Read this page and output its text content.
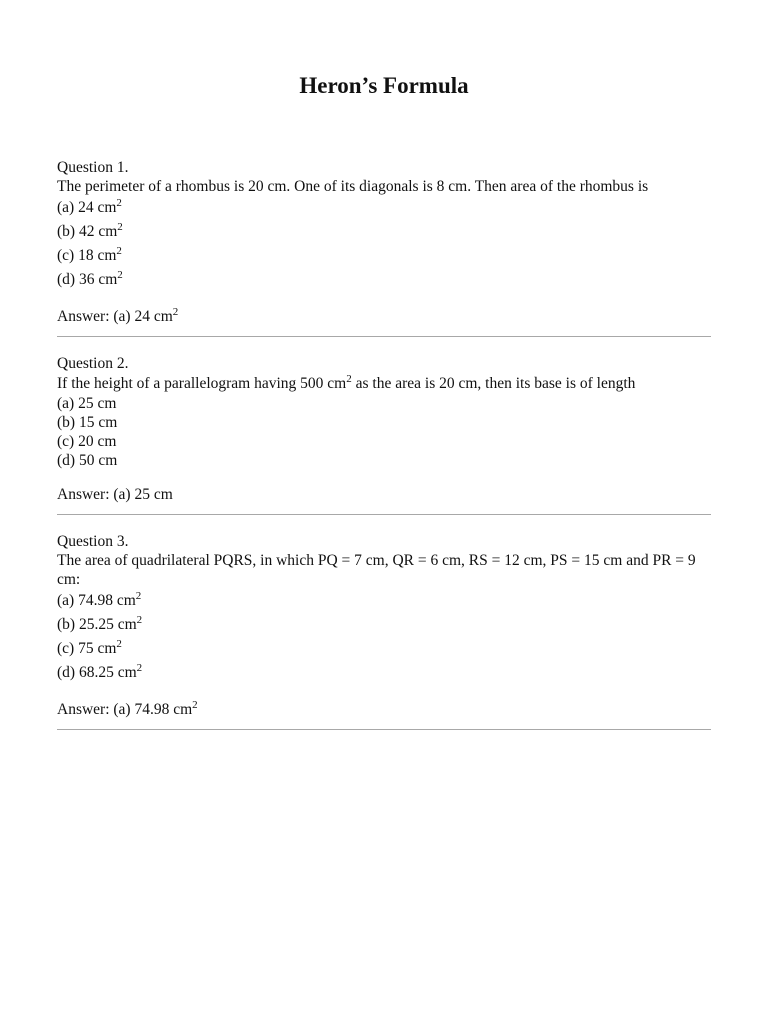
Heron’s Formula
Question 1.
The perimeter of a rhombus is 20 cm. One of its diagonals is 8 cm. Then area of the rhombus is
(a) 24 $cm^2$
(b) 42 $cm^2$
(c) 18 $cm^2$
(d) 36 $cm^2$
Answer: (a) 24 $cm^2$
Question 2.
If the height of a parallelogram having 500 $cm^2$ as the area is 20 cm, then its base is of length
(a) 25 cm
(b) 15 cm
(c) 20 cm
(d) 50 cm
Answer: (a) 25 cm
Question 3.
The area of quadrilateral PQRS, in which PQ = 7 cm, QR = 6 cm, RS = 12 cm, PS = 15 cm and PR = 9 cm:
(a) 74.98 $cm^2$
(b) 25.25 $cm^2$
(c) 75 $cm^2$
(d) 68.25 $cm^2$
Answer: (a) 74.98 $cm^2$
